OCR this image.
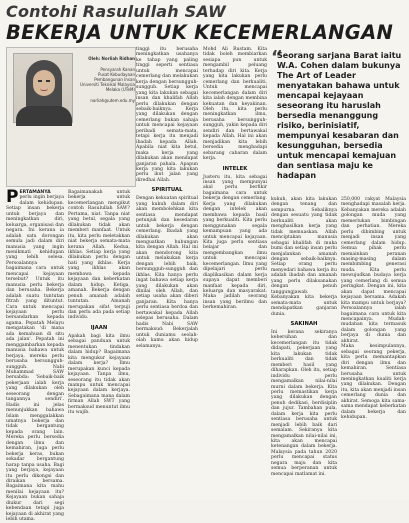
Contohi Rasulullah SAW
BEKERJA UNTUK KECEMERLANGAN
Oleh: Norliah Ridhan
Pensyarah Kanan
Pusat Kebudayaan
Pembangunan Insan
Universiti Teknikal Malaysia
Melaka (UTeM)
norliah@utem.edu.my
P ERTAMANYA perlu ingin berjaya dalam kehidupan. Setiap insan bekerja untuk berjaya dan meningkatkan diri, keluarga, organisasi dan negara. Ini kerana ia adalah satu dorongan semula jadi dalam diri manusia yang ingin menikmati kehidupan yang lebih selesa. Persoalannya bagaimana cara untuk mencapai kejayaan tersebut? Untuk itu manusia perlu bekerja dan berusaha. Bekerja adalah suatu tuntutan fitrah yang dituntut. Cara untuk mencapai kejayaan perlu bersandarkan kepada agama. Pepatah Melayu mengatakan 'di mana ada kemahuan di situ ada jalan'. Pepatah ini menggambarkan kepada manusia bahawa untuk berjaya, mereka perlu berusaha bersungguh-sungguh. Nabi Muhammad SAW bersabda: 'Sebaik-baik pekerjaan ialah kerja yang dilakukan oleh seseorang dengan tangannya sendiri'. Hadis ini jelas menunjukkan bahawa Islam menggalakkan umatnya bekerja dan tidak bergantung kepada orang lain. Mereka perlu bersedia dengan ilmu dan kemahiran, juga perlu bekerja keras, bukan sekadar bergantung harap tanpa usaha. Bagi yang berjaya, kejayaan itu perlu dikongsi dan diraikan bersama. Bagaimana kita mahu menilai kejayaan itu? Kejayaan bukan sahaja diukur dari segi kebendaan tetapi juga kejayaan di akhirat yang lebih utama.

Bagaimanakah untuk bekerja untuk kecemerlangan mengikut contoh Rasulullah SAW? Pertama, niat. Tanpa niat yang betul, segala yang dilakukan tidak akan memberi manfaat. Untuk itu, kita perlu meletakkan niat bekerja semata-mata kerana Allah. Kedua, ikhlas. Setiap kerja yang dilakukan perlu dengan hati yang ikhlas. Kerja yang ikhlas akan membawa kepada kejayaan dan keberkatan dalam hidup. Ketiga, amanah. Bekerja dengan penuh amanah adalah tuntutan. Amanah merupakan sifat terpuji dan perlu ada pada setiap individu.

IJAAN

Apakah bagi kita ilmu sebagai panduan untuk menentukan tindakan dalam hidup? Bagaimana kita mengukur kejayaan dalam kerja? Ilmu merupakan kunci kepada kejayaan. Tanpa ilmu, seseorang itu tidak akan mampu untuk mencapai kejayaan dalam kerjaya. Sebagaimana mana dalam firman Allah SWT yang bermaksud menuntut ilmu itu wajib.

tinggi itu berusaha meningkatkan usahanya ke tahap yang paling tinggi seperti sentiasa untuk mencapai cemerlang dan melakukan kerja dengan bersungguh-sungguh. Setiap kerja yang kita lakukan sebagai insan dan khalifah Allah perlu dilakukan dengan sebaik-baiknya. Kerja yang dilakukan dengan cemerlang bukan sahaja untuk mencapai kejayaan peribadi semata-mata, tetapi kerja itu menjadi ibadah kepada Allah. Apabila niat kita betul, maka kerja yang dilakukan akan mendapat ganjaran pahala. Apapun kerja yang kita lakukan perlu ikut jalan yang diredhai Allah.

SPIRITUAL

Dengan kekuatan spiritual yang kukuh dalam diri akan membolehkan kita sentiasa mendapat petunjuk dan kesedaran untuk bekerja dengan cemerlang. Ibadah yang dilakukan akan menguatkan hubungan kita dengan Allah. Hal ini akan mendorong kita untuk melakukan kerja dengan lebih baik, bersungguh-sungguh dan ikhlas. Kita hanya perlu ingat bahawa setiap kerja yang dilakukan akan dinilai oleh Allah, dan setiap usaha akan diberi ganjaran. Kita hanya perlu sentiasa berdoa dan bertawakal kepada Allah selepas berusaha. Dalam hadis Nabi SAW bermaksud: Bekerjalah untuk duniamu seolah-olah kamu akan hidup selamanya.

Mohd Ali Rustam. Kita tidak boleh membiarkan sesiapa pun untuk mengambil peluang terhadap diri kita. Kerja yang kita lakukan perlu cemerlang dan berkualiti. Untuk mencapai kecemerlangan dalam diri kita ialah dengan membina kekuatan dan keyakinan. Oleh itu, kita perlu meningkatkan ilmu, berusaha bersungguh-sungguh, yakin kepada diri sendiri dan bertawakal kepada Allah. Hal ini akan menjadikan kita lebih bersedia menghadapi sebarang cabaran dalam kerja.

INTELEK

Justeru itu, kita sebagai insan yang mempunyai akal perlu berfikir bagaimana cara untuk bekerja dengan cemerlang. Kerja yang dilakukan dengan intelek akan membawa kepada hasil yang berkualiti. Kita perlu menggunakan segala kemampuan yang ada untuk mencapai kejayaan. Kita juga perlu sentiasa belajar dan mengembangkan ilmu untuk mencapai kecemerlangan. Ilmu yang dipelajari perlu diaplikasikan dalam kerja supaya dapat memberi manfaat kepada diri, keluarga dan masyarakat. Maka jadilah seorang insan yang berilmu dan berkemahiran.

kukuh, akan kita lakukan dengan tenang dan sempurna. Sebaliknya dengan sesuatu yang tidak berkualiti akan menghasilkan kerja yang tidak memuaskan. Allah menciptakan manusia sebagai khalifah di muka bumi dan setiap insan perlu menjalankan amanah dengan sebaik-baiknya. Setiap orang perlu menyedari bahawa kerja itu adalah ibadah dan amanah yang perlu dilaksanakan dengan penuh tanggungjawab. Kebanyakan kita bekerja semata-mata untuk mendapatkan ganjaran dunia.

SAKINAH

Ini kerana sekiranya kebersihan dan kecemerlangan itu tidak didapati, pekerjaan yang kita lakukan tidak berkualiti dan tidak memberi hasil yang diharapkan. Oleh itu, setiap individu perlu mengamalkan nilai-nilai murni dalam bekerja. Kita perlu memastikan kerja yang dilakukan dengan penuh dedikasi, berdisiplin dan jujur. Tambahan pula, dalam kerja kita perlu sentiasa berusaha untuk menjadi lebih baik dari semalam. Sekiranya kita mengamalkan nilai-nilai ini, kita akan mencapai ketenangan dalam bekerja. Malaysia pada tahun 2020 perlu mencapai status negara maju dan kita semua berperanan untuk mencapai matlamat ini.

250,000 rakyat Malaysia menghadapi masalah kerja. Kebanyakan mereka adalah golongan muda yang memerlukan bimbingan dan perhatian. Mereka perlu dibimbing untuk menjadi insan yang cemerlang dalam hidup. Semua pihak perlu memainkan peranan masing-masing dalam membimbing generasi muda. Kita perlu mewujudkan budaya kerja yang cemerlang di semua peringkat. Dengan ini, kita akan dapat mencapai kejayaan bersama. Adakah kita mampu untuk berjaya? Persoalannya ialah bagaimana cara untuk kita mencapainya. Mudah-mudahan kita termasuk dalam golongan yang berjaya di dunia dan akhirat.

Maka kesimpulannya, sebagai seorang pekerja, kita perlu memantapkan diri dengan ilmu dan kemahiran. Sentiasa berusaha untuk meningkatkan kualiti kerja yang dilakukan. Dengan itu, kita akan menjadi insan cemerlang dunia dan akhirat. Semoga kita sama-sama mendapat keberkatan dalam bekerja dan kehidupan.

“
Seorang sarjana Barat iaitu W.A. Cohen dalam bukunya The Art of Leader menyatakan bahawa untuk mencapai kejayaan seseorang itu haruslah bersedia menanggung risiko, berinisiatif, mempunyai kesabaran dan kesungguhan, bersedia untuk mencapai kemajuan dan sentiasa maju ke hadapan
